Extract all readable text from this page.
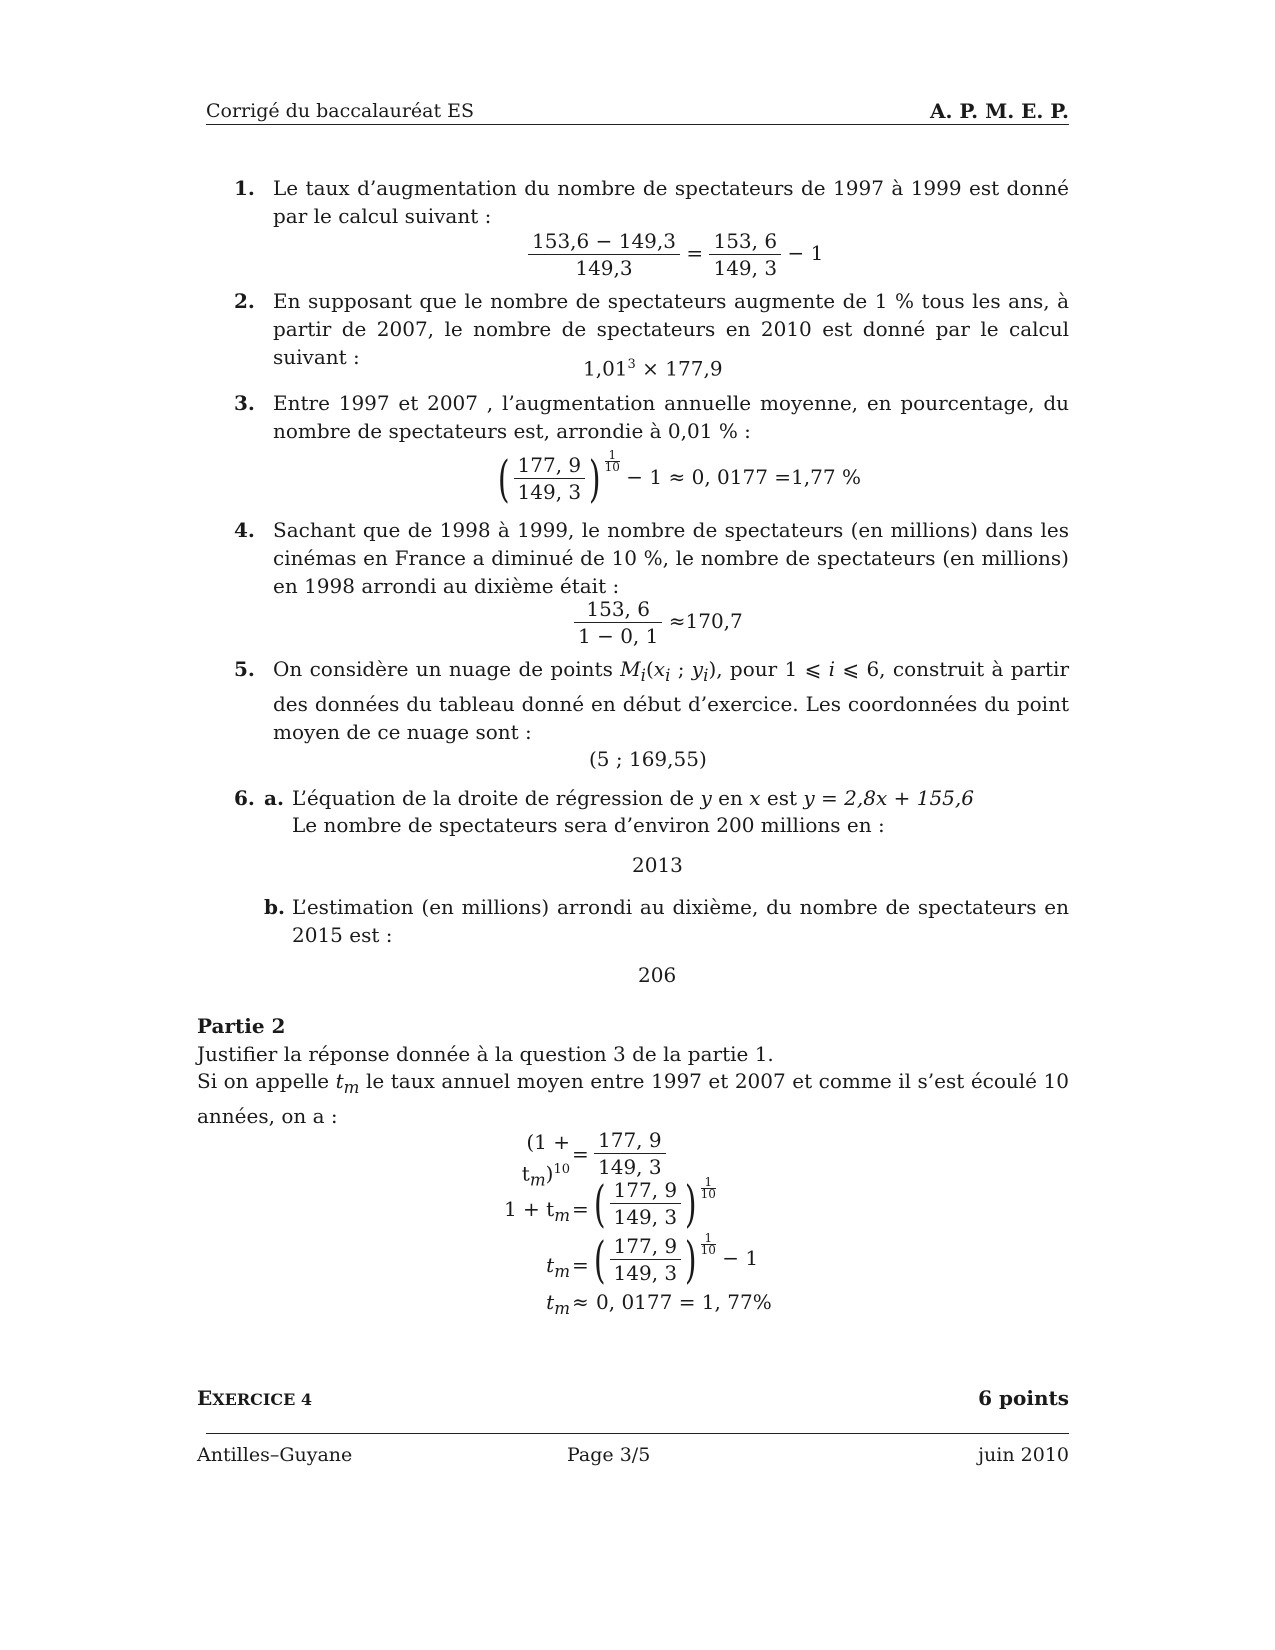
Corrigé du baccalauréat ES	A. P. M. E. P.
1. Le taux d’augmentation du nombre de spectateurs de 1997 à 1999 est donné par le calcul suivant :
$\frac{153,6 - 149,3}{149,3} = \frac{153, 6}{149, 3} - 1$
2. En supposant que le nombre de spectateurs augmente de 1 % tous les ans, à partir de 2007, le nombre de spectateurs en 2010 est donné par le calcul suivant :	$1,01^3 \times 177,9$
3. Entre 1997 et 2007 , l’augmentation annuelle moyenne, en pourcentage, du nombre de spectateurs est, arrondie à 0,01 % :
( $\frac{177, 9}{149, 3}$ ) $\frac{1}{10}$
− 1 ≈ 0, 0177 =1,77 %
4. Sachant que de 1998 à 1999, le nombre de spectateurs (en millions) dans les cinémas en France a diminué de 10 %, le nombre de spectateurs (en millions) en 1998 arrondi au dixième était :
$\frac{153, 6}{1 - 0, 1} \approx 170,7$
5. On considère un nuage de points $M_i(x_i$ ; $y_i$), pour 1 ⩽ i ⩽ 6, construit à partir des données du tableau donné en début d’exercice. Les coordonnées du point moyen de ce nuage sont :
(5 ; 169,55)
6. a. L’équation de la droite de régression de y en x est y = 2,8x + 155,6
Le nombre de spectateurs sera d’environ 200 millions en :
2013
b. L’estimation (en millions) arrondi au dixième, du nombre de spectateurs en 2015 est :
206
Partie 2
Justifier la réponse donnée à la question 3 de la partie 1.
Si on appelle $t_m$ le taux annuel moyen entre 1997 et 2007 et comme il s’est écoulé 10 années, on a :
$(1 + t_m)^{10}$
= $\frac{177, 9}{149, 3}$
$1 + t_m$ = ( $\frac{177, 9}{149, 3}$ ) $\frac{1}{10}$
$t_m$ = ( $\frac{177, 9}{149, 3}$ ) $\frac{1}{10}$
− 1
$t_m \approx 0$, 0177 = 1, 77%
EXERCICE 4	6 points
Antilles–Guyane	Page 3/5	juin 2010
